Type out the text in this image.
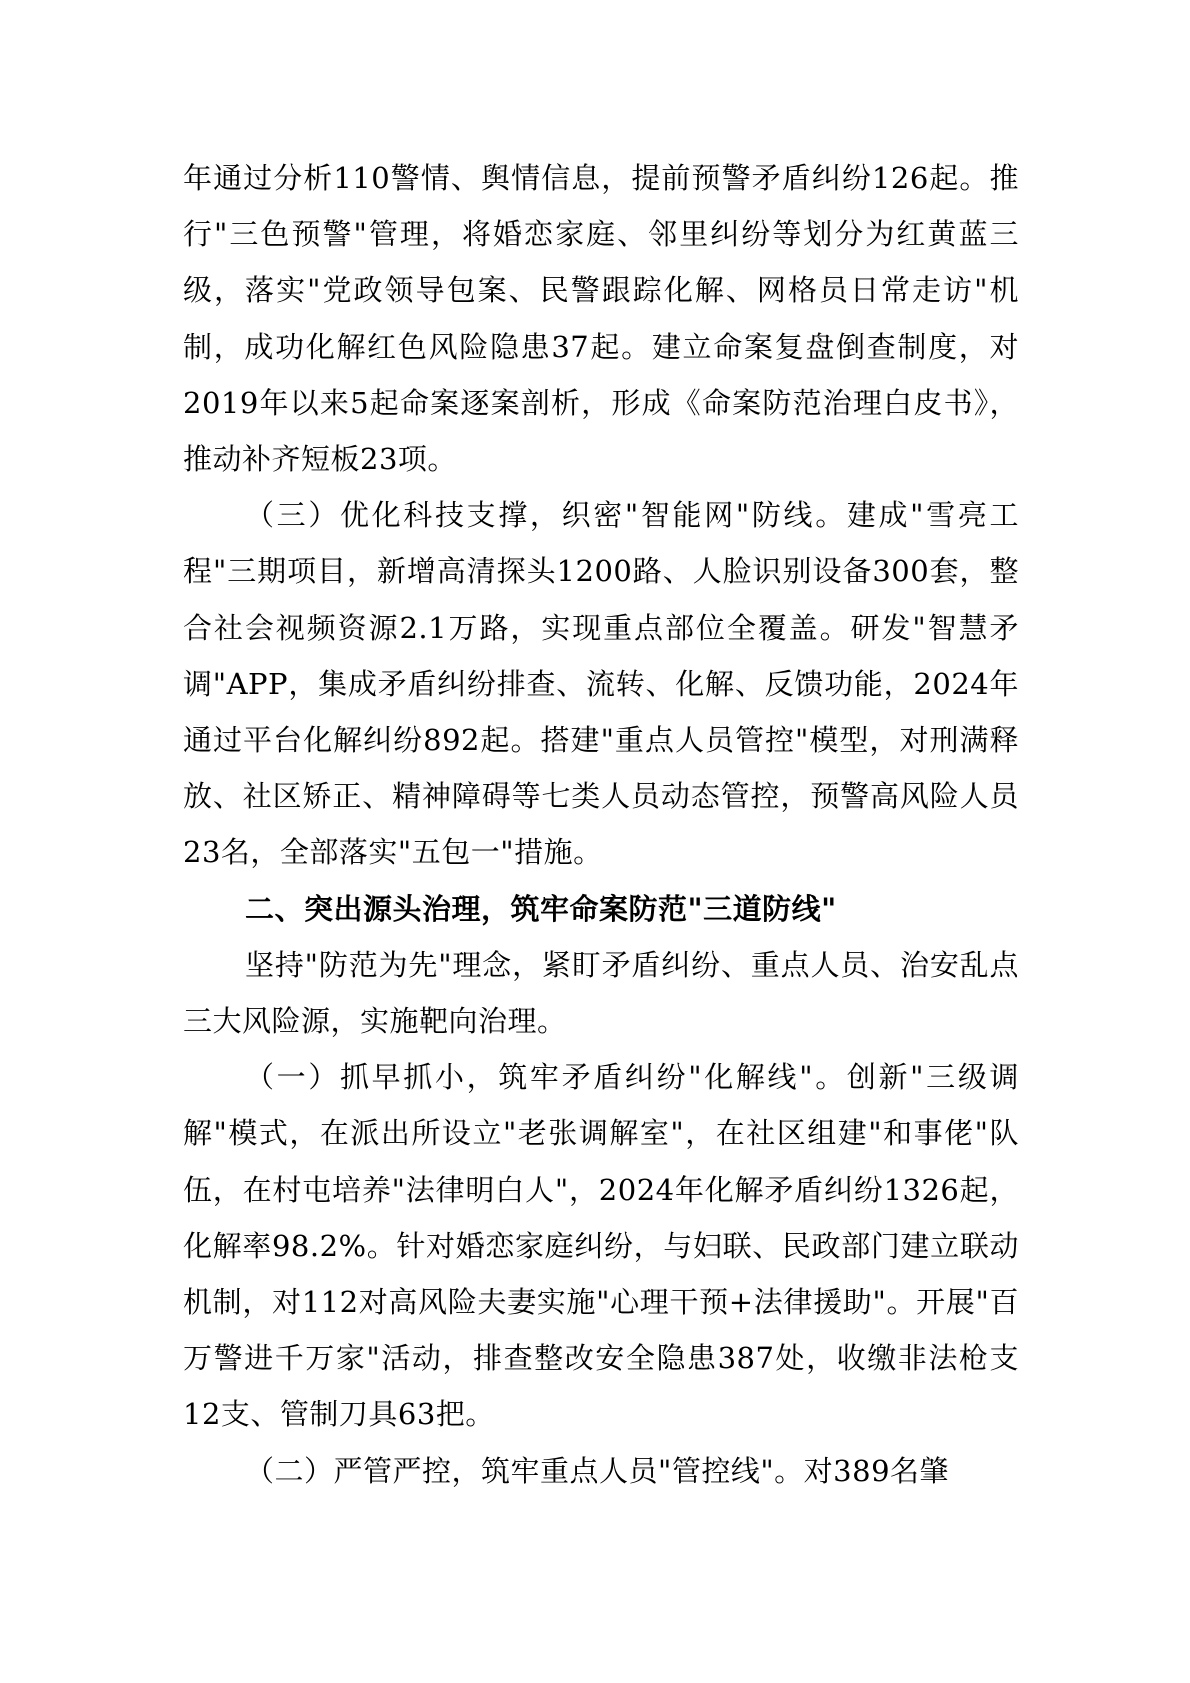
年通过分析110警情、舆情信息，提前预警矛盾纠纷126起。推行"三色预警"管理，将婚恋家庭、邻里纠纷等划分为红黄蓝三级，落实"党政领导包案、民警跟踪化解、网格员日常走访"机制，成功化解红色风险隐患37起。建立命案复盘倒查制度，对2019年以来5起命案逐案剖析，形成《命案防范治理白皮书》，推动补齐短板23项。

（三）优化科技支撑，织密"智能网"防线。建成"雪亮工程"三期项目，新增高清探头1200路、人脸识别设备300套，整合社会视频资源2.1万路，实现重点部位全覆盖。研发"智慧矛调"APP，集成矛盾纠纷排查、流转、化解、反馈功能，2024年通过平台化解纠纷892起。搭建"重点人员管控"模型，对刑满释放、社区矫正、精神障碍等七类人员动态管控，预警高风险人员23名，全部落实"五包一"措施。

二、突出源头治理，筑牢命案防范"三道防线"

坚持"防范为先"理念，紧盯矛盾纠纷、重点人员、治安乱点三大风险源，实施靶向治理。

（一）抓早抓小，筑牢矛盾纠纷"化解线"。创新"三级调解"模式，在派出所设立"老张调解室"，在社区组建"和事佬"队伍，在村屯培养"法律明白人"，2024年化解矛盾纠纷1326起，化解率98.2%。针对婚恋家庭纠纷，与妇联、民政部门建立联动机制，对112对高风险夫妻实施"心理干预+法律援助"。开展"百万警进千万家"活动，排查整改安全隐患387处，收缴非法枪支12支、管制刀具63把。

（二）严管严控，筑牢重点人员"管控线"。对389名肇
